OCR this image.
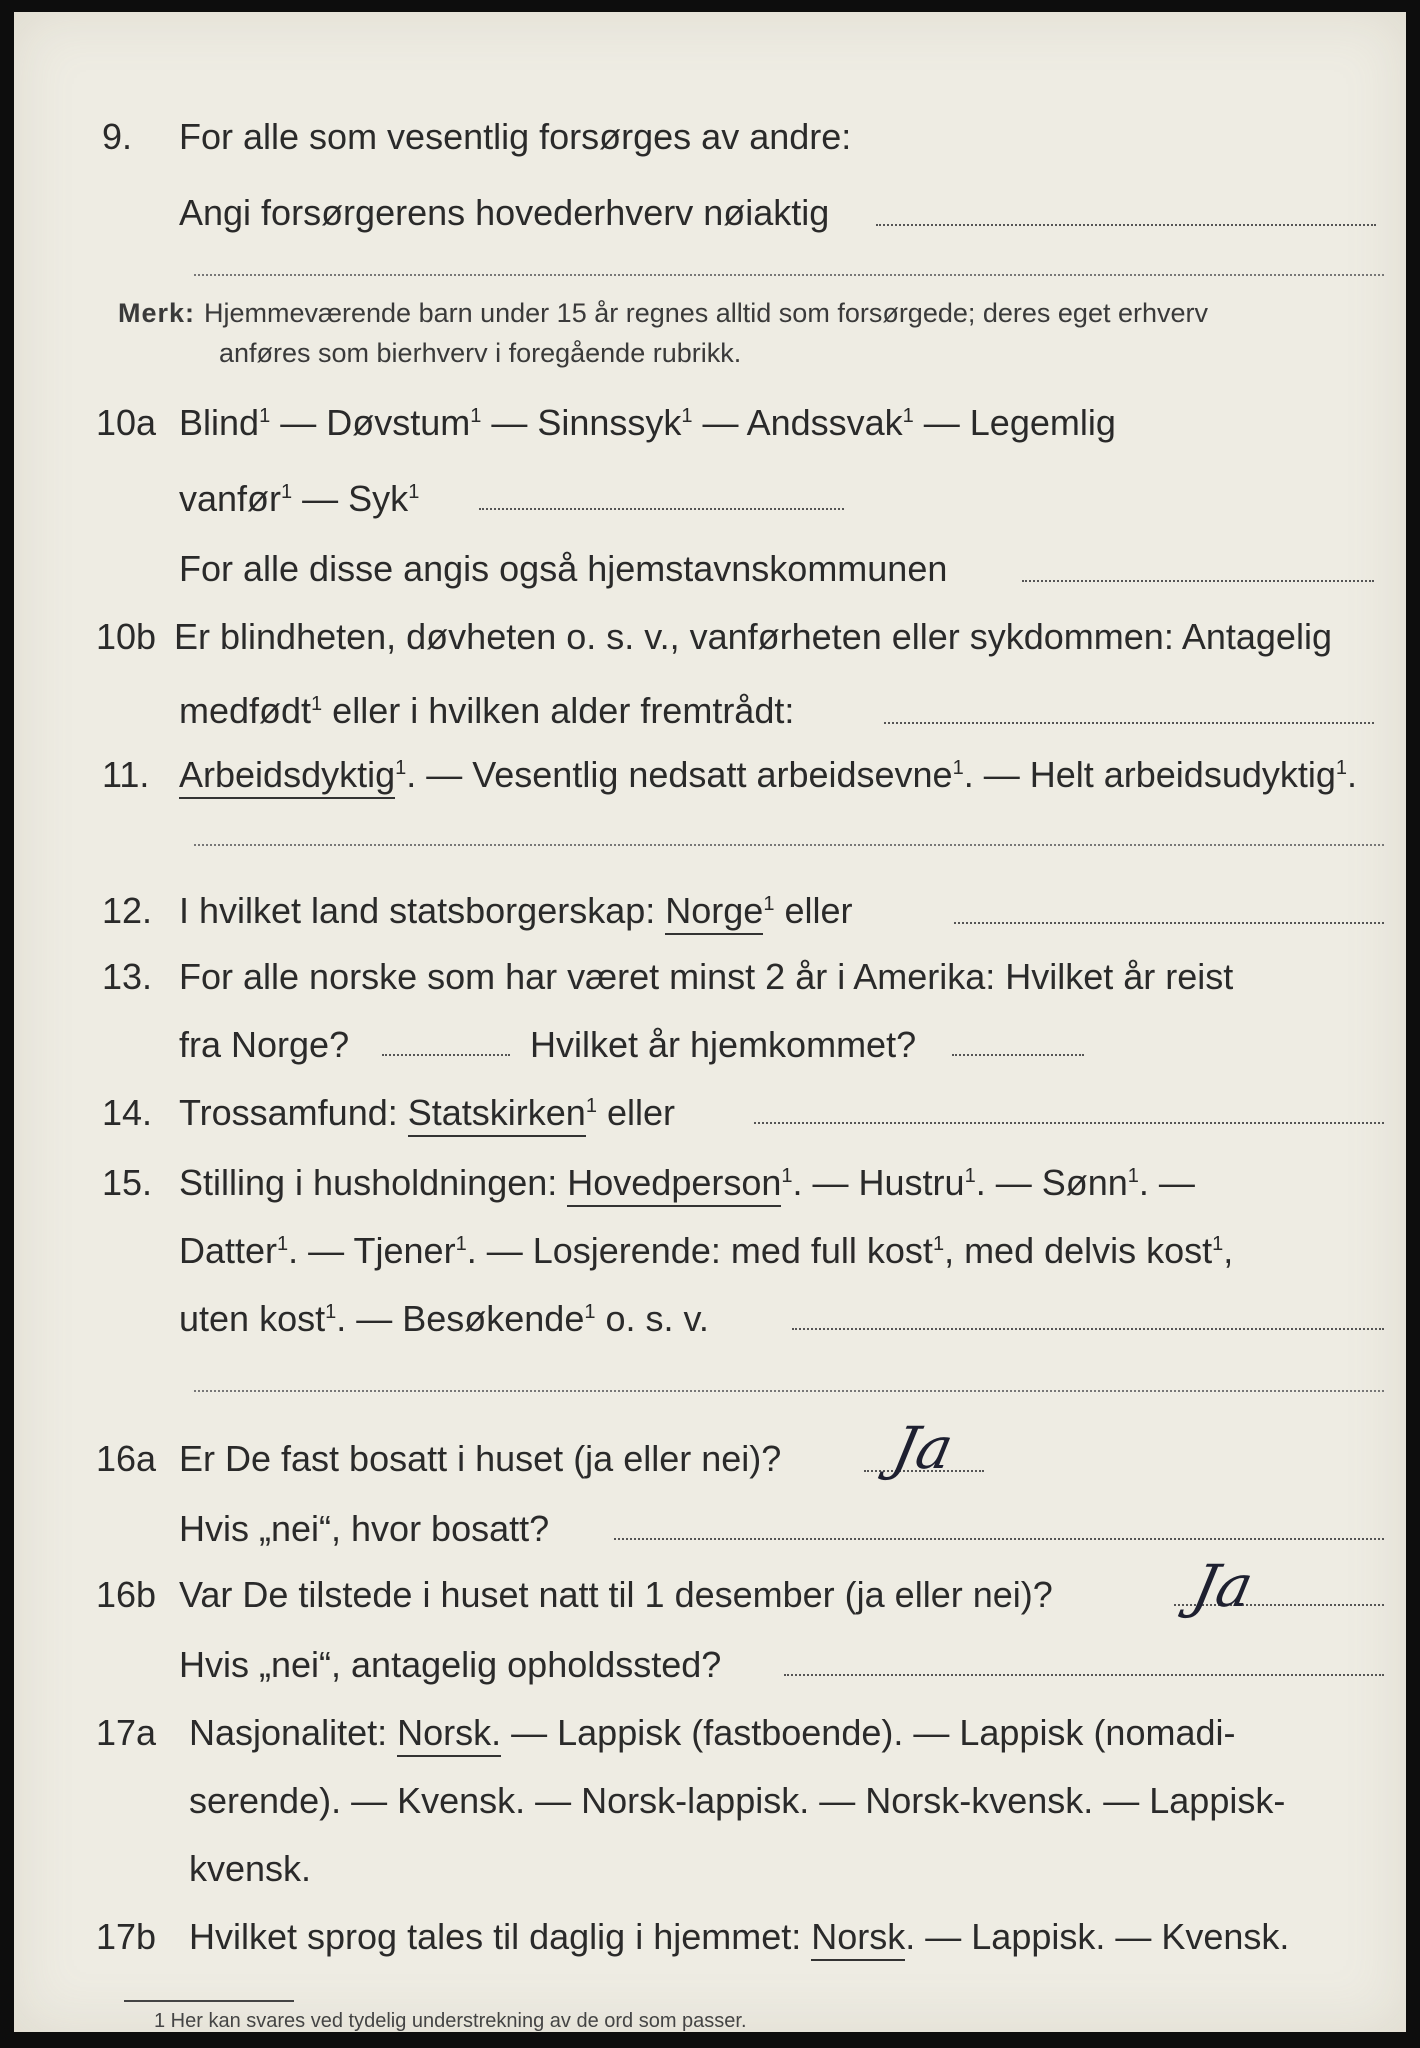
9. For alle som vesentlig forsørges av andre:
Angi forsørgerens hovederhverv nøiaktig
Merk: Hjemmeværende barn under 15 år regnes alltid som forsørgede; deres eget erhverv
anføres som bierhverv i foregående rubrikk.
10a Blind$^1$ — Døvstum$^1$ — Sinnssyk$^1$ — Andssvak$^1$ — Legemlig
vanfør$^1$ — Syk$^1$
For alle disse angis også hjemstavnskommunen
10b Er blindheten, døvheten o. s. v., vanførheten eller sykdommen: Antagelig
medfødt$^1$ eller i hvilken alder fremtrådt:
11. Arbeidsdyktig$^1$. — Vesentlig nedsatt arbeidsevne$^1$. — Helt arbeidsudyktig$^1$.
12. I hvilket land statsborgerskap: Norge$^1$ eller
13. For alle norske som har været minst 2 år i Amerika: Hvilket år reist
fra Norge?	Hvilket år hjemkommet?
14. Trossamfund: Statskirken$^1$ eller
15. Stilling i husholdningen: Hovedperson$^1$. — Hustru$^1$. — Sønn$^1$. —
Datter$^1$. — Tjener$^1$. — Losjerende: med full kost$^1$, med delvis kost$^1$,
uten kost$^1$. — Besøkende$^1$ o. s. v.
16a Er De fast bosatt i huset (ja eller nei)? Ja
Hvis „nei“, hvor bosatt?
16b Var De tilstede i huset natt til 1 desember (ja eller nei)? Ja
Hvis „nei“, antagelig opholdssted?
17a Nasjonalitet: Norsk. — Lappisk (fastboende). — Lappisk (nomadi-
serende). — Kvensk. — Norsk-lappisk. — Norsk-kvensk. — Lappisk-
kvensk.
17b Hvilket sprog tales til daglig i hjemmet: Norsk. — Lappisk. — Kvensk.
1 Her kan svares ved tydelig understrekning av de ord som passer.
